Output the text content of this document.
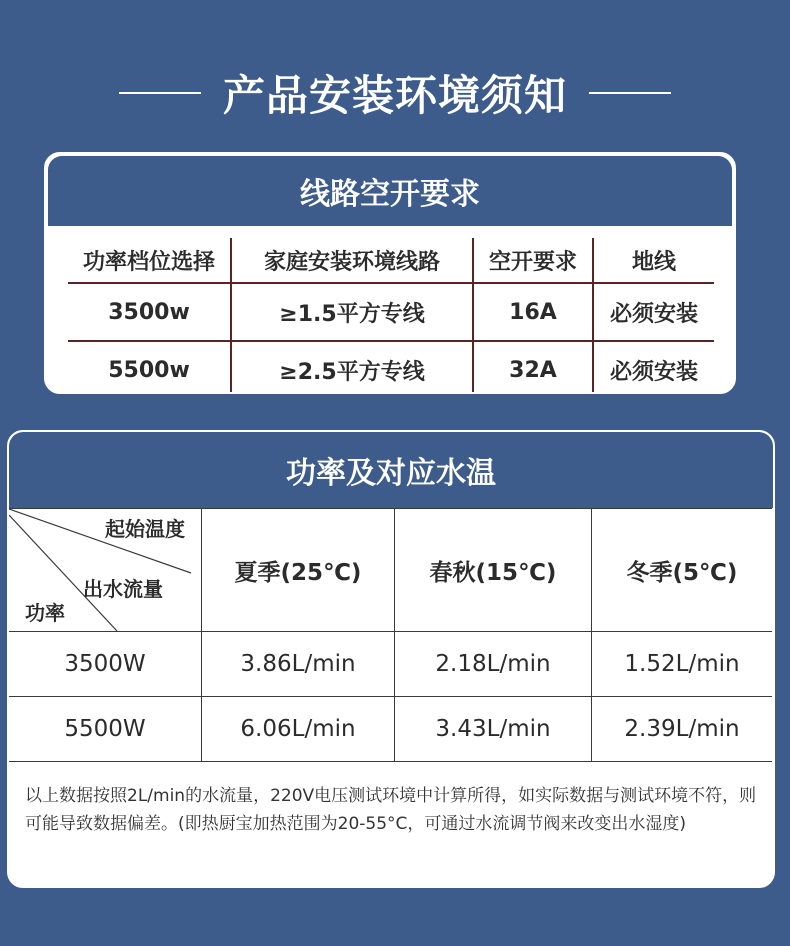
产品安装环境须知
线路空开要求
功率档位选择	家庭安装环境线路	空开要求	地线
3500w	≥1.5平方专线	16A	必须安装
5500w	≥2.5平方专线	32A	必须安装
功率及对应水温
起始温度
出水流量
功率	夏季(25℃)	春秋(15℃)	冬季(5℃)
3500W	3.86L/min	2.18L/min	1.52L/min
5500W	6.06L/min	3.43L/min	2.39L/min
以上数据按照2L/min的水流量，220V电压测试环境中计算所得，如实际数据与测试环境不符，则可能导致数据偏差。(即热厨宝加热范围为20-55°C，可通过水流调节阀来改变出水湿度)
